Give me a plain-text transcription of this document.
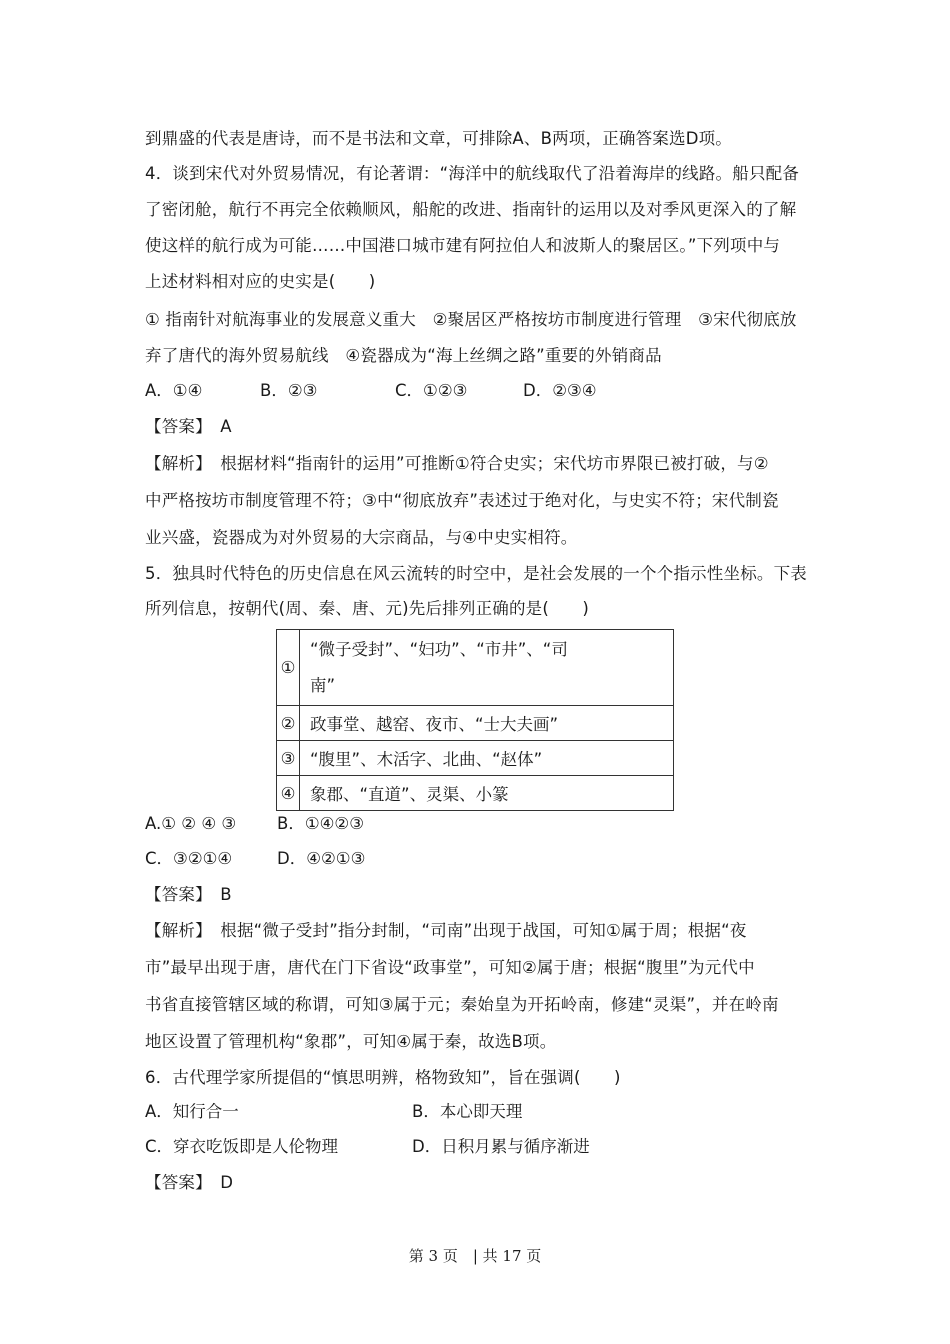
到鼎盛的代表是唐诗，而不是书法和文章，可排除A、B两项，正确答案选D项。
4．谈到宋代对外贸易情况，有论著谓：“海洋中的航线取代了沿着海岸的线路。船只配备
了密闭舱，航行不再完全依赖顺风，船舵的改进、指南针的运用以及对季风更深入的了解
使这样的航行成为可能……中国港口城市建有阿拉伯人和波斯人的聚居区。”下列项中与
上述材料相对应的史实是(　　)
① 指南针对航海事业的发展意义重大　②聚居区严格按坊市制度进行管理　③宋代彻底放
弃了唐代的海外贸易航线　④瓷器成为“海上丝绸之路”重要的外销商品
A．①④	B．②③	C．①②③	D．②③④
【答案】　A
【解析】　根据材料“指南针的运用”可推断①符合史实；宋代坊市界限已被打破，与②
中严格按坊市制度管理不符；③中“彻底放弃”表述过于绝对化，与史实不符；宋代制瓷
业兴盛，瓷器成为对外贸易的大宗商品，与④中史实相符。
5．独具时代特色的历史信息在风云流转的时空中，是社会发展的一个个指示性坐标。下表
所列信息，按朝代(周、秦、唐、元)先后排列正确的是(　　)
①	“微子受封”、“妇功”、“市井”、“司
南”

②	政事堂、越窑、夜市、“士大夫画”
③	“腹里”、木活字、北曲、“赵体”
④	象郡、“直道”、灵渠、小篆
A.① ② ④ ③ B．①④②③
C．③②①④	D．④②①③
【答案】　B
【解析】　根据“微子受封”指分封制，“司南”出现于战国，可知①属于周；根据“夜
市”最早出现于唐，唐代在门下省设“政事堂”，可知②属于唐；根据“腹里”为元代中
书省直接管辖区域的称谓，可知③属于元；秦始皇为开拓岭南，修建“灵渠”，并在岭南
地区设置了管理机构“象郡”，可知④属于秦，故选B项。
6．古代理学家所提倡的“慎思明辨，格物致知”，旨在强调(　　)
A．知行合一	B．本心即天理
C．穿衣吃饭即是人伦物理	D．日积月累与循序渐进
【答案】　D
第 3 页　| 共 17 页
